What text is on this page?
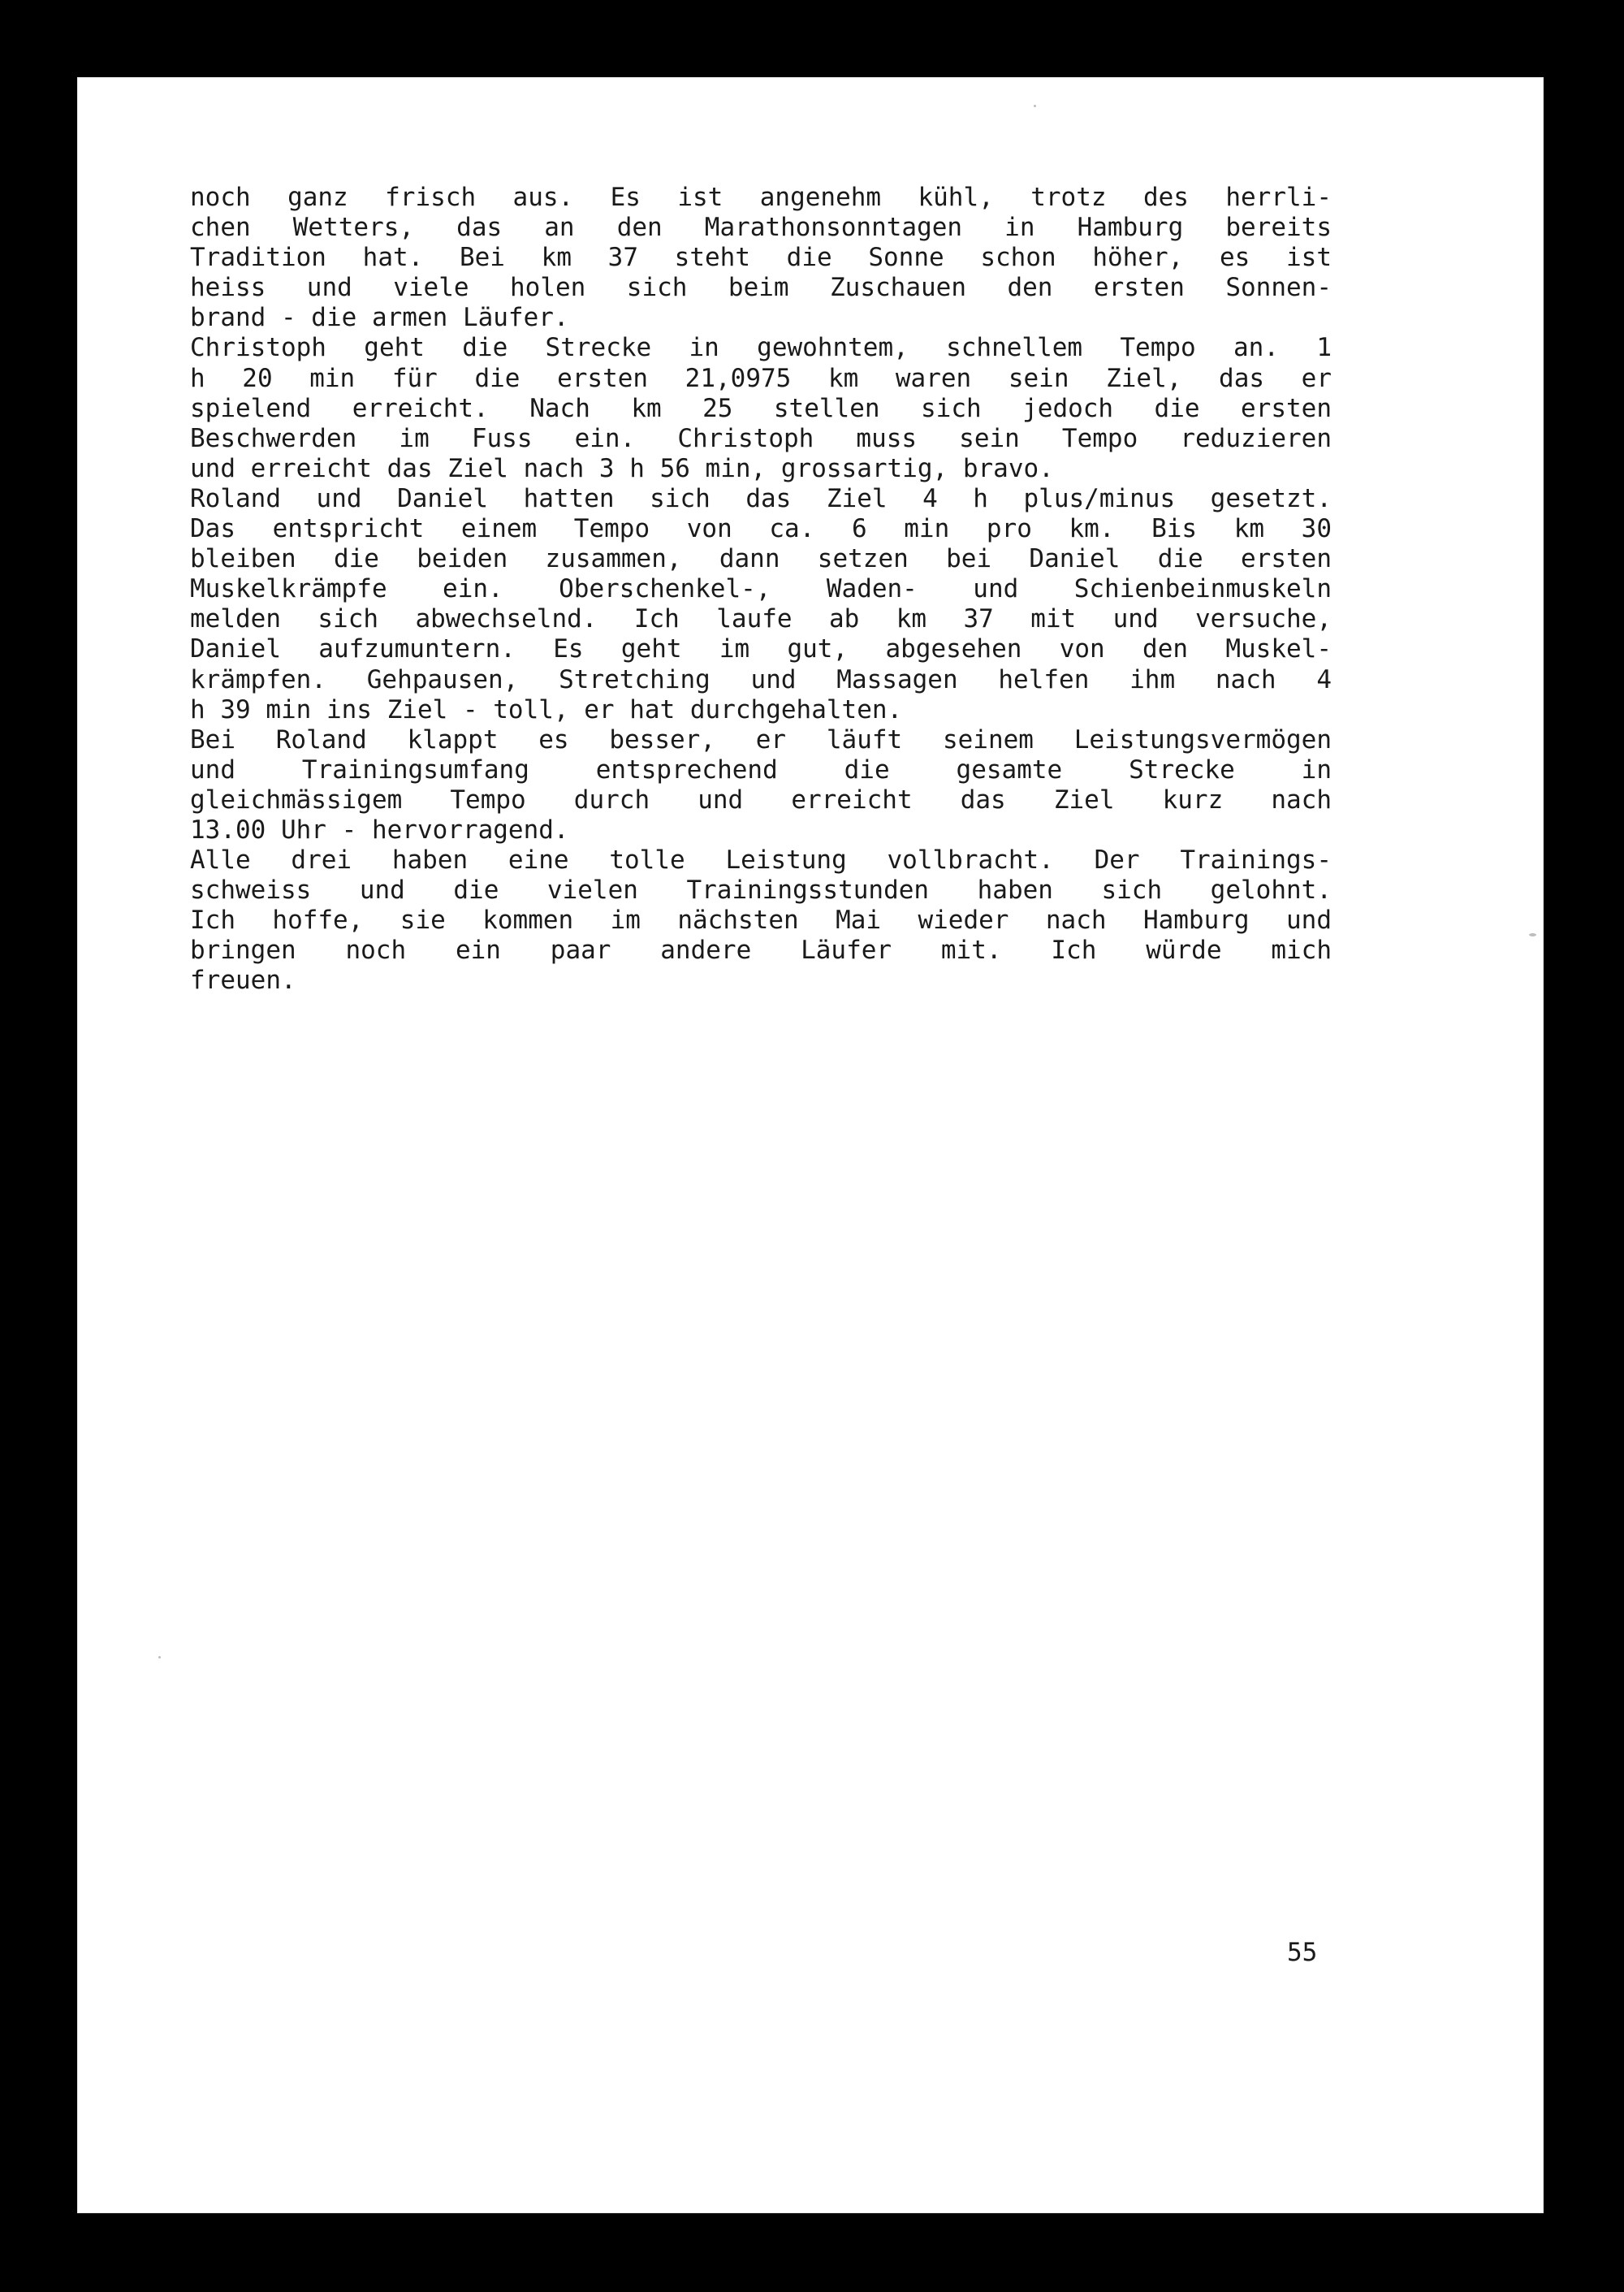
noch ganz frisch aus. Es ist angenehm kühl, trotz des herrli-
chen Wetters, das an den Marathonsonntagen in Hamburg bereits
Tradition hat. Bei km 37 steht die Sonne schon höher, es ist
heiss und viele holen sich beim Zuschauen den ersten Sonnen-
brand - die armen Läufer.
Christoph geht die Strecke in gewohntem, schnellem Tempo an. 1
h 20 min für die ersten 21,0975 km waren sein Ziel, das er
spielend erreicht. Nach km 25 stellen sich jedoch die ersten
Beschwerden im Fuss ein. Christoph muss sein Tempo reduzieren
und erreicht das Ziel nach 3 h 56 min, grossartig, bravo.
Roland und Daniel hatten sich das Ziel 4 h plus/minus gesetzt.
Das entspricht einem Tempo von ca. 6 min pro km. Bis km 30
bleiben die beiden zusammen, dann setzen bei Daniel die ersten
Muskelkrämpfe ein. Oberschenkel-, Waden- und Schienbeinmuskeln
melden sich abwechselnd. Ich laufe ab km 37 mit und versuche,
Daniel aufzumuntern. Es geht im gut, abgesehen von den Muskel-
krämpfen. Gehpausen, Stretching und Massagen helfen ihm nach 4
h 39 min ins Ziel - toll, er hat durchgehalten.
Bei Roland klappt es besser, er läuft seinem Leistungsvermögen
und Trainingsumfang entsprechend die gesamte Strecke in
gleichmässigem Tempo durch und erreicht das Ziel kurz nach
13.00 Uhr - hervorragend.
Alle drei haben eine tolle Leistung vollbracht. Der Trainings-
schweiss und die vielen Trainingsstunden haben sich gelohnt.
Ich hoffe, sie kommen im nächsten Mai wieder nach Hamburg und
bringen noch ein paar andere Läufer mit. Ich würde mich
freuen.
55
